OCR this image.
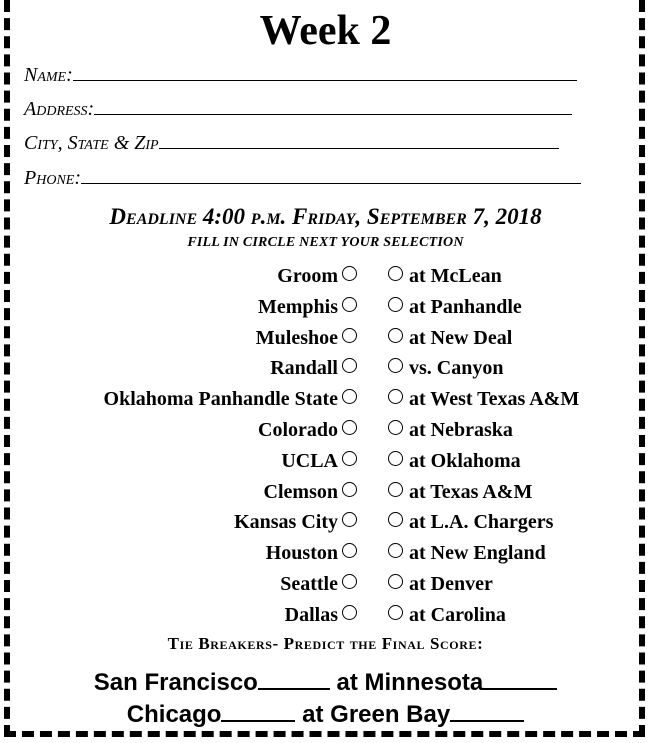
Week 2
Name:
Address:
City, State & Zip
Phone:
Deadline 4:00 p.m. Friday, September 7, 2018
FILL IN CIRCLE NEXT YOUR SELECTION
Groom	at McLean
Memphis	at Panhandle
Muleshoe	at New Deal
Randall	vs. Canyon
Oklahoma Panhandle State	at West Texas A&M
Colorado	at Nebraska
UCLA	at Oklahoma
Clemson	at Texas A&M
Kansas City	at L.A. Chargers
Houston	at New England
Seattle	at Denver
Dallas	at Carolina
Tie Breakers- Predict the Final Score:
San Francisco	at Minnesota
Chicago	at Green Bay
